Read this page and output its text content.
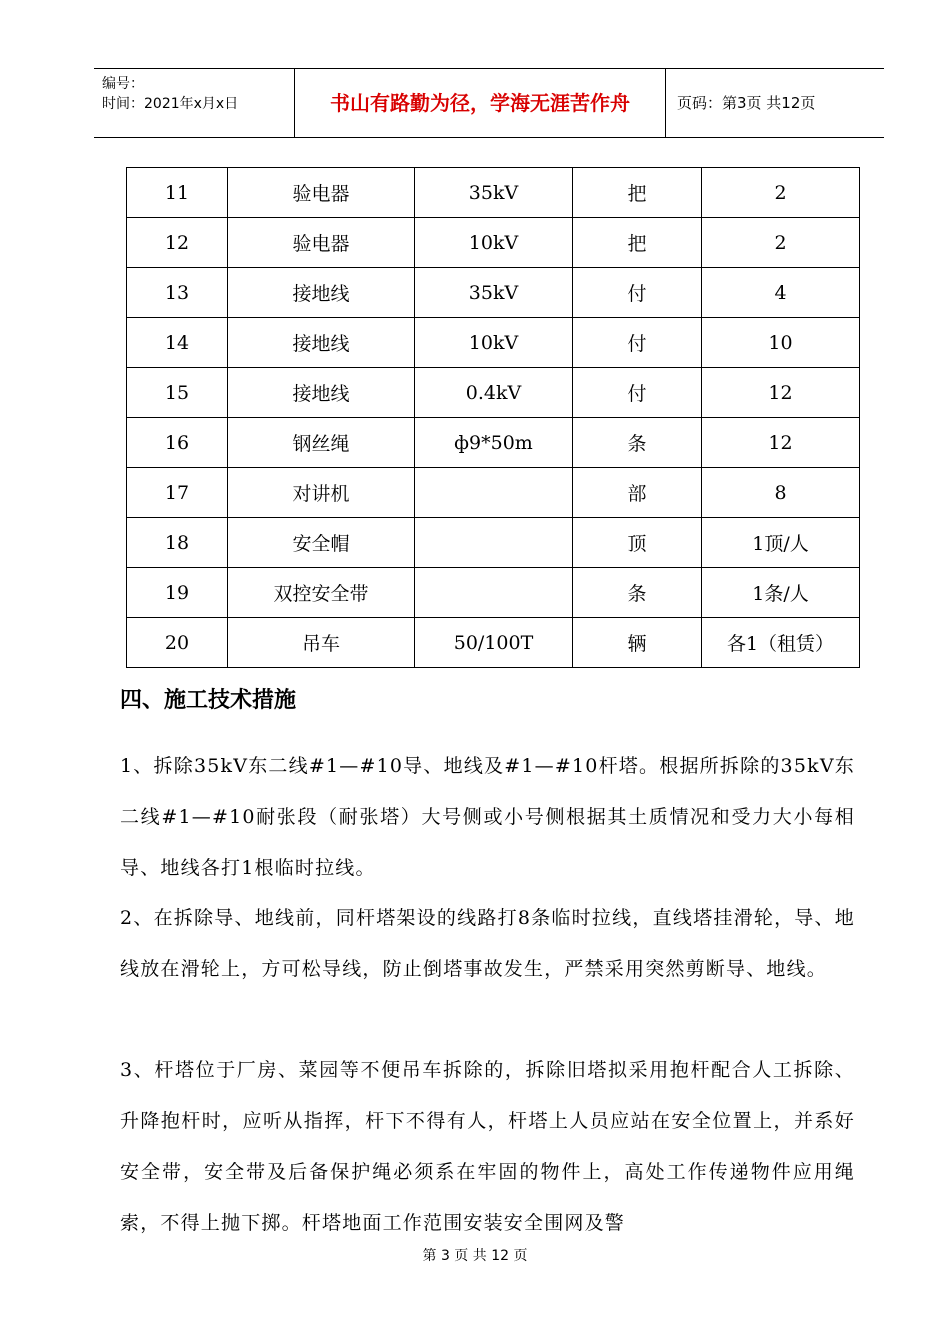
编号：
时间：2021年x月x日	书山有路勤为径，学海无涯苦作舟	页码：第3页 共12页
11	验电器	35kV	把	2
12	验电器	10kV	把	2
13	接地线	35kV	付	4
14	接地线	10kV	付	10
15	接地线	0.4kV	付	12
16	钢丝绳	ф9*50m	条	12
17	对讲机		部	8
18	安全帽		顶	1顶/人
19	双控安全带		条	1条/人
20	吊车	50/100T	辆	各1（租赁）
四、施工技术措施
1、拆除35kV东二线#1—#10导、地线及#1—#10杆塔。根据所拆除的35kV东二线#1—#10耐张段（耐张塔）大号侧或小号侧根据其土质情况和受力大小每相导、地线各打1根临时拉线。
2、在拆除导、地线前，同杆塔架设的线路打8条临时拉线，直线塔挂滑轮，导、地线放在滑轮上，方可松导线，防止倒塔事故发生，严禁采用突然剪断导、地线。
3、杆塔位于厂房、菜园等不便吊车拆除的，拆除旧塔拟采用抱杆配合人工拆除、升降抱杆时，应听从指挥，杆下不得有人，杆塔上人员应站在安全位置上，并系好安全带，安全带及后备保护绳必须系在牢固的物件上，高处工作传递物件应用绳索，不得上抛下掷。杆塔地面工作范围安装安全围网及警
第 3 页 共 12 页
